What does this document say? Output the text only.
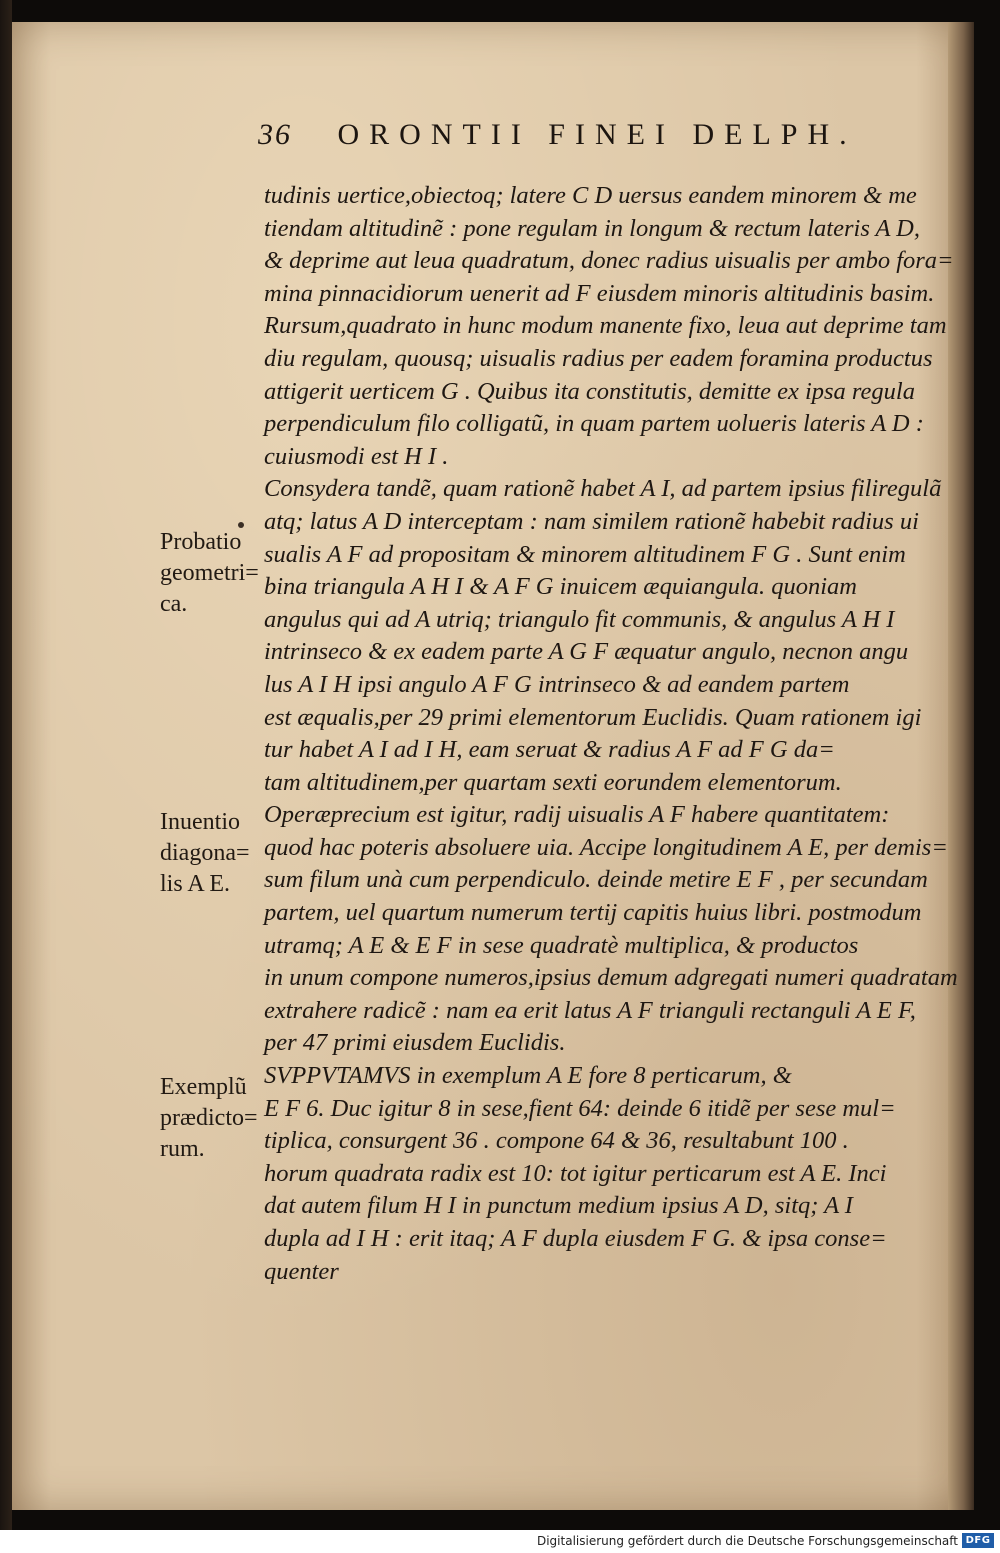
36 ORONTII FINEI DELPH.
tudinis uertice,obiectoq; latere C D uersus eandem minorem & me
tiendam altitudinẽ : pone regulam in longum & rectum lateris A D,
& deprime aut leua quadratum, donec radius uisualis per ambo fora=
mina pinnacidiorum uenerit ad F eiusdem minoris altitudinis basim.
Rursum,quadrato in hunc modum manente fixo, leua aut deprime tam
diu regulam, quousq; uisualis radius per eadem foramina productus
attigerit uerticem G . Quibus ita constitutis, demitte ex ipsa regula
perpendiculum filo colligatũ, in quam partem uolueris lateris A D :
cuiusmodi est H I .
Consydera tandẽ, quam rationẽ habet A I, ad partem ipsius filiregulã
atq; latus A D interceptam : nam similem rationẽ habebit radius ui
sualis A F ad propositam & minorem altitudinem F G . Sunt enim
bina triangula A H I & A F G inuicem æquiangula. quoniam
angulus qui ad A utriq; triangulo fit communis, & angulus A H I
intrinseco & ex eadem parte A G F æquatur angulo, necnon angu
lus A I H ipsi angulo A F G intrinseco & ad eandem partem
est æqualis,per 29 primi elementorum Euclidis. Quam rationem igi
tur habet A I ad I H, eam seruat & radius A F ad F G da=
tam altitudinem,per quartam sexti eorundem elementorum.
Operæprecium est igitur, radij uisualis A F habere quantitatem:
quod hac poteris absoluere uia. Accipe longitudinem A E, per demis=
sum filum unà cum perpendiculo. deinde metire E F , per secundam
partem, uel quartum numerum tertij capitis huius libri. postmodum
utramq; A E & E F in sese quadratè multiplica, & productos
in unum compone numeros,ipsius demum adgregati numeri quadratam
extrahere radicẽ : nam ea erit latus A F trianguli rectanguli A E F,
per 47 primi eiusdem Euclidis.
SVPPVTAMVS in exemplum A E fore 8 perticarum, &
E F 6. Duc igitur 8 in sese,fient 64: deinde 6 itidẽ per sese mul=
tiplica, consurgent 36 . compone 64 & 36, resultabunt 100 .
horum quadrata radix est 10: tot igitur perticarum est A E. Inci
dat autem filum H I in punctum medium ipsius A D, sitq; A I
dupla ad I H : erit itaq; A F dupla eiusdem F G. & ipsa conse=
quenter
Probatio
geometri=
ca.
Inuentio
diagona=
lis A E.
Exemplũ
prædicto=
rum.
Digitalisierung gefördert durch die Deutsche Forschungsgemeinschaft DFG
